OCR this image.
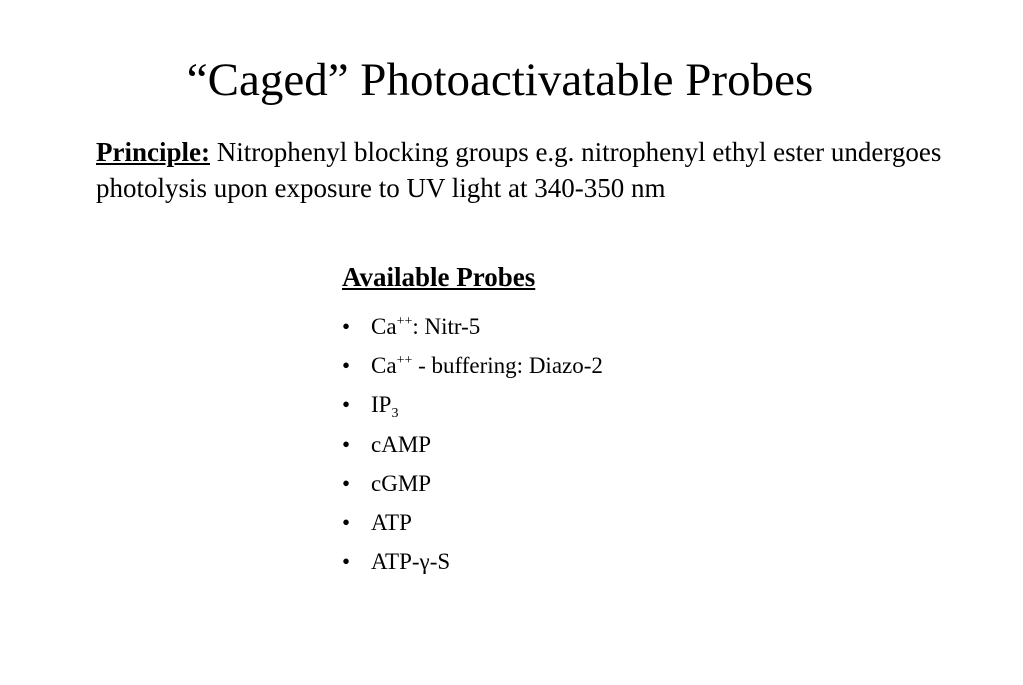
“Caged” Photoactivatable Probes
Principle: Nitrophenyl blocking groups e.g. nitrophenyl ethyl ester undergoes photolysis upon exposure to UV light at 340-350 nm
Available Probes
• Ca++: Nitr-5
• Ca++ - buffering: Diazo-2
• $IP_3$
• cAMP
• cGMP
• ATP
• ATP-γ-S
